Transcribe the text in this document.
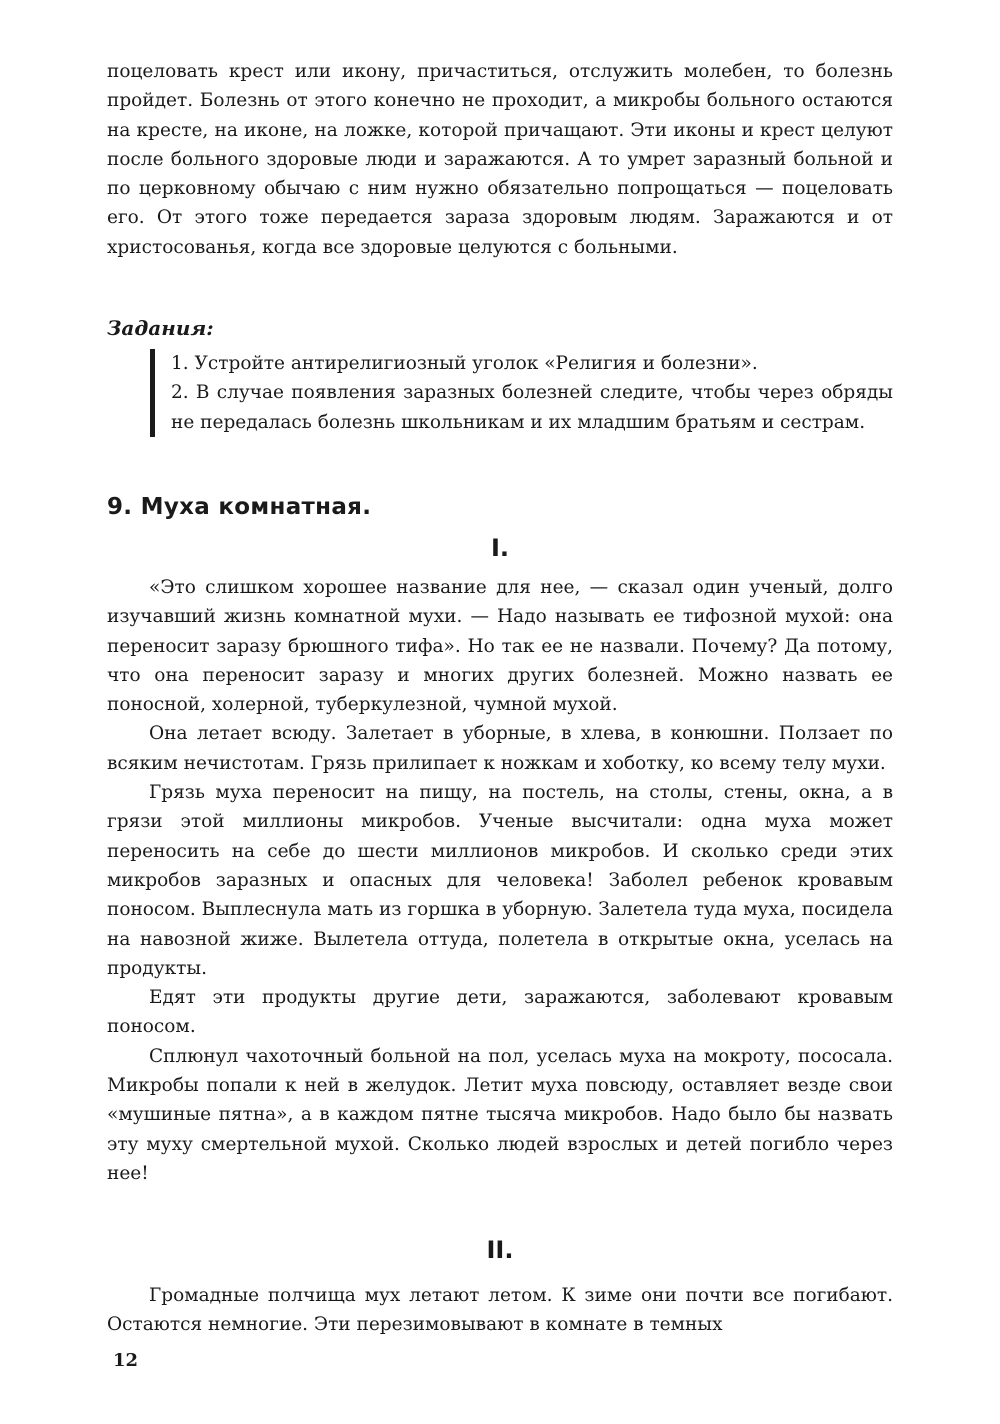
поцеловать крест или икону, причаститься, отслужить молебен, то болезнь пройдет. Болезнь от этого конечно не проходит, а микробы больного остаются на кресте, на иконе, на ложке, которой причащают. Эти иконы и крест целуют после больного здоровые люди и заражаются. А то умрет заразный больной и по церковному обычаю с ним нужно обязательно попрощаться — поцеловать его. От этого тоже передается зараза здоровым людям. Заражаются и от христосованья, когда все здоровые целуются с больными.

Задания:

1. Устройте антирелигиозный уголок «Религия и болезни».

2. В случае появления заразных болезней следите, чтобы через обряды не передалась болезнь школьникам и их младшим братьям и сестрам.

9. Муха комнатная.
I.

«Это слишком хорошее название для нее, — сказал один ученый, долго изучавший жизнь комнатной мухи. — Надо называть ее тифозной мухой: она переносит заразу брюшного тифа». Но так ее не назвали. Почему? Да потому, что она переносит заразу и многих других болезней. Можно назвать ее поносной, холерной, туберкулезной, чумной мухой.

Она летает всюду. Залетает в уборные, в хлева, в конюшни. Ползает по всяким нечистотам. Грязь прилипает к ножкам и хоботку, ко всему телу мухи.

Грязь муха переносит на пищу, на постель, на столы, стены, окна, а в грязи этой миллионы микробов. Ученые высчитали: одна муха может переносить на себе до шести миллионов микробов. И сколько среди этих микробов заразных и опасных для человека! Заболел ребенок кровавым поносом. Выплеснула мать из горшка в уборную. Залетела туда муха, посидела на навозной жиже. Вылетела оттуда, полетела в открытые окна, уселась на продукты.

Едят эти продукты другие дети, заражаются, заболевают кровавым поносом.

Сплюнул чахоточный больной на пол, уселась муха на мокроту, пососала. Микробы попали к ней в желудок. Летит муха повсюду, оставляет везде свои «мушиные пятна», а в каждом пятне тысяча микробов. Надо было бы назвать эту муху смертельной мухой. Сколько людей взрослых и детей погибло через нее!

II.

Громадные полчища мух летают летом. К зиме они почти все погибают. Остаются немногие. Эти перезимовывают в комнате в темных

12
